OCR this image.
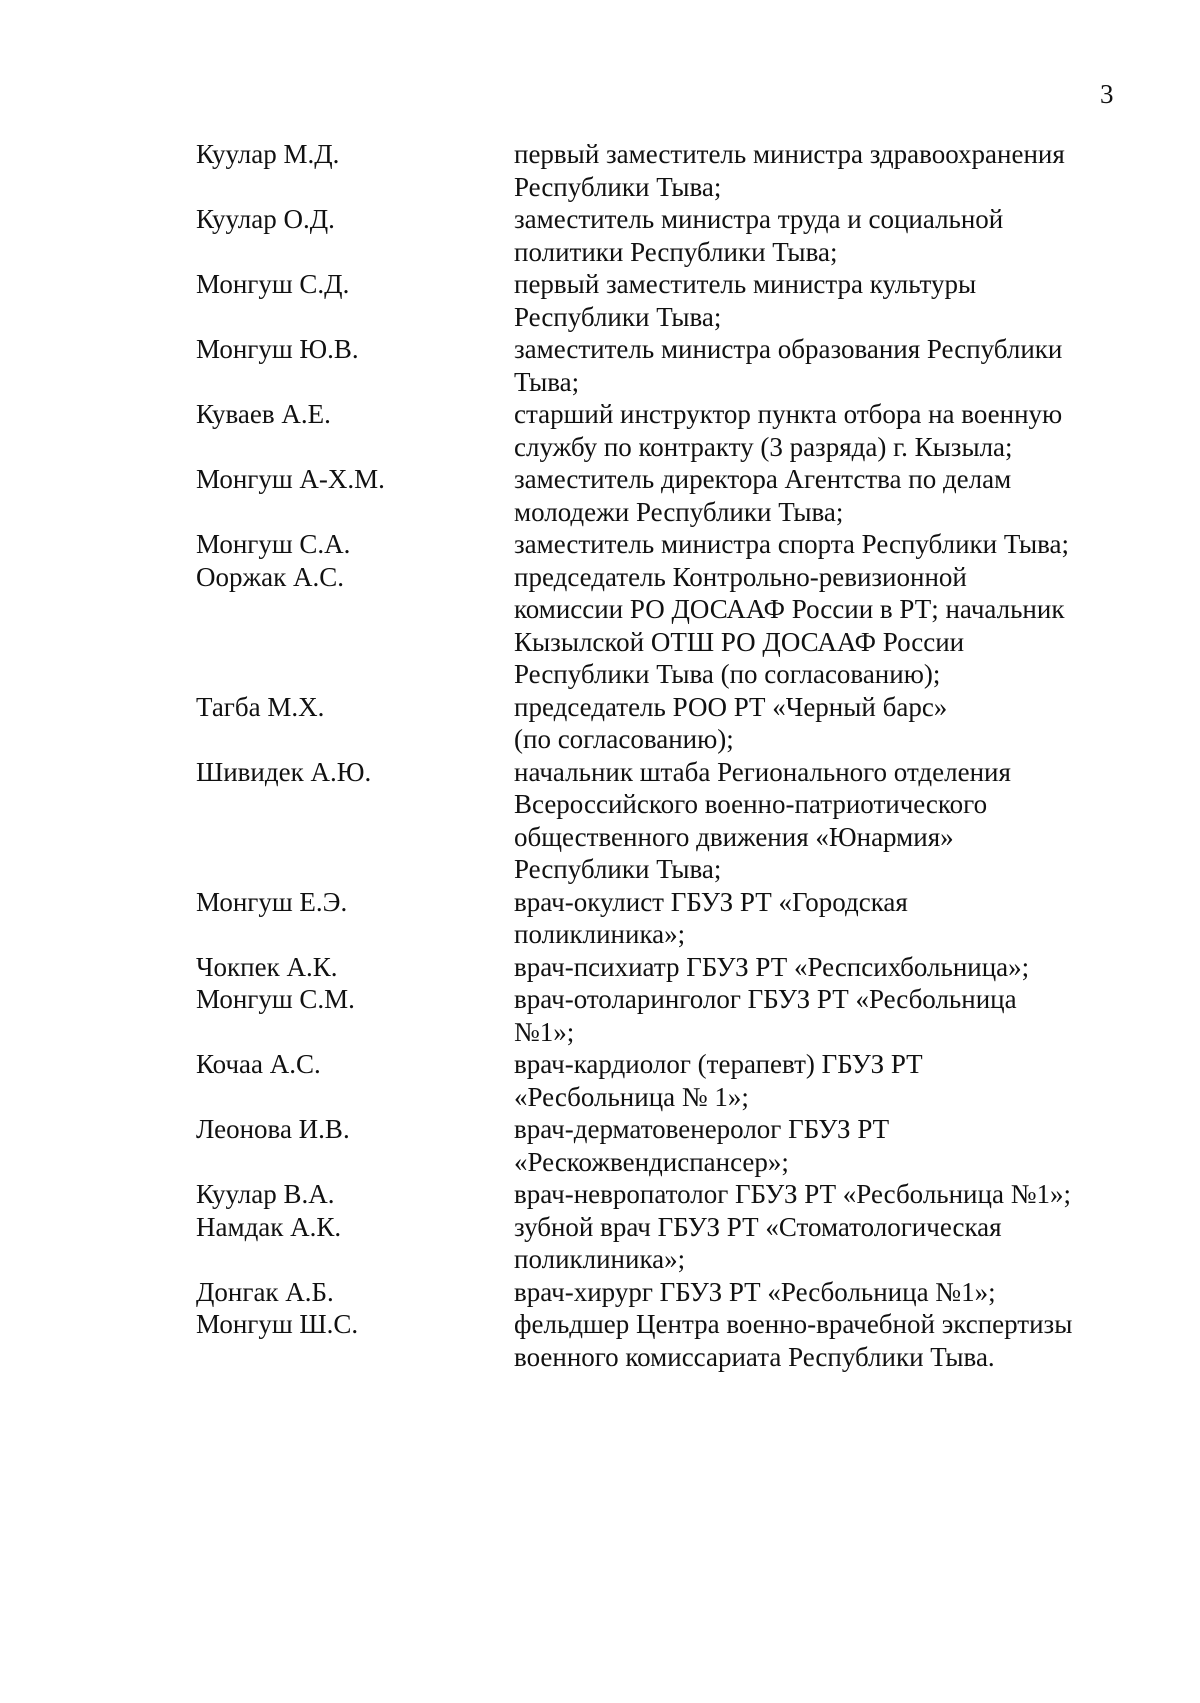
3
Куулар М.Д.	первый заместитель министра здравоохранения
Республики Тыва;
Куулар О.Д.	заместитель министра труда и социальной
политики Республики Тыва;
Монгуш С.Д.	первый заместитель министра культуры
Республики Тыва;
Монгуш Ю.В.	заместитель министра образования Республики
Тыва;
Куваев А.Е.	старший инструктор пункта отбора на военную
службу по контракту (3 разряда) г. Кызыла;
Монгуш А-Х.М.	заместитель директора Агентства по делам
молодежи Республики Тыва;
Монгуш С.А.	заместитель министра спорта Республики Тыва;
Ооржак А.С.	председатель Контрольно-ревизионной
комиссии РО ДОСААФ России в РТ; начальник
Кызылской ОТШ РО ДОСААФ России
Республики Тыва (по согласованию);
Тагба М.Х.	председатель РОО РТ «Черный барс»
(по согласованию);
Шивидек А.Ю.	начальник штаба Регионального отделения
Всероссийского военно-патриотического
общественного движения «Юнармия»
Республики Тыва;
Монгуш Е.Э.	врач-окулист ГБУЗ РТ «Городская
поликлиника»;
Чокпек А.К.	врач-психиатр ГБУЗ РТ «Респсихбольница»;
Монгуш С.М.	врач-отоларинголог ГБУЗ РТ «Ресбольница
№1»;
Кочаа А.С.	врач-кардиолог (терапевт) ГБУЗ РТ
«Ресбольница № 1»;
Леонова И.В.	врач-дерматовенеролог ГБУЗ РТ
«Рескожвендиспансер»;
Куулар В.А.	врач-невропатолог ГБУЗ РТ «Ресбольница №1»;
Намдак А.К.	зубной врач ГБУЗ РТ «Стоматологическая
поликлиника»;
Донгак А.Б.	врач-хирург ГБУЗ РТ «Ресбольница №1»;
Монгуш Ш.С.	фельдшер Центра военно-врачебной экспертизы
военного комиссариата Республики Тыва.
